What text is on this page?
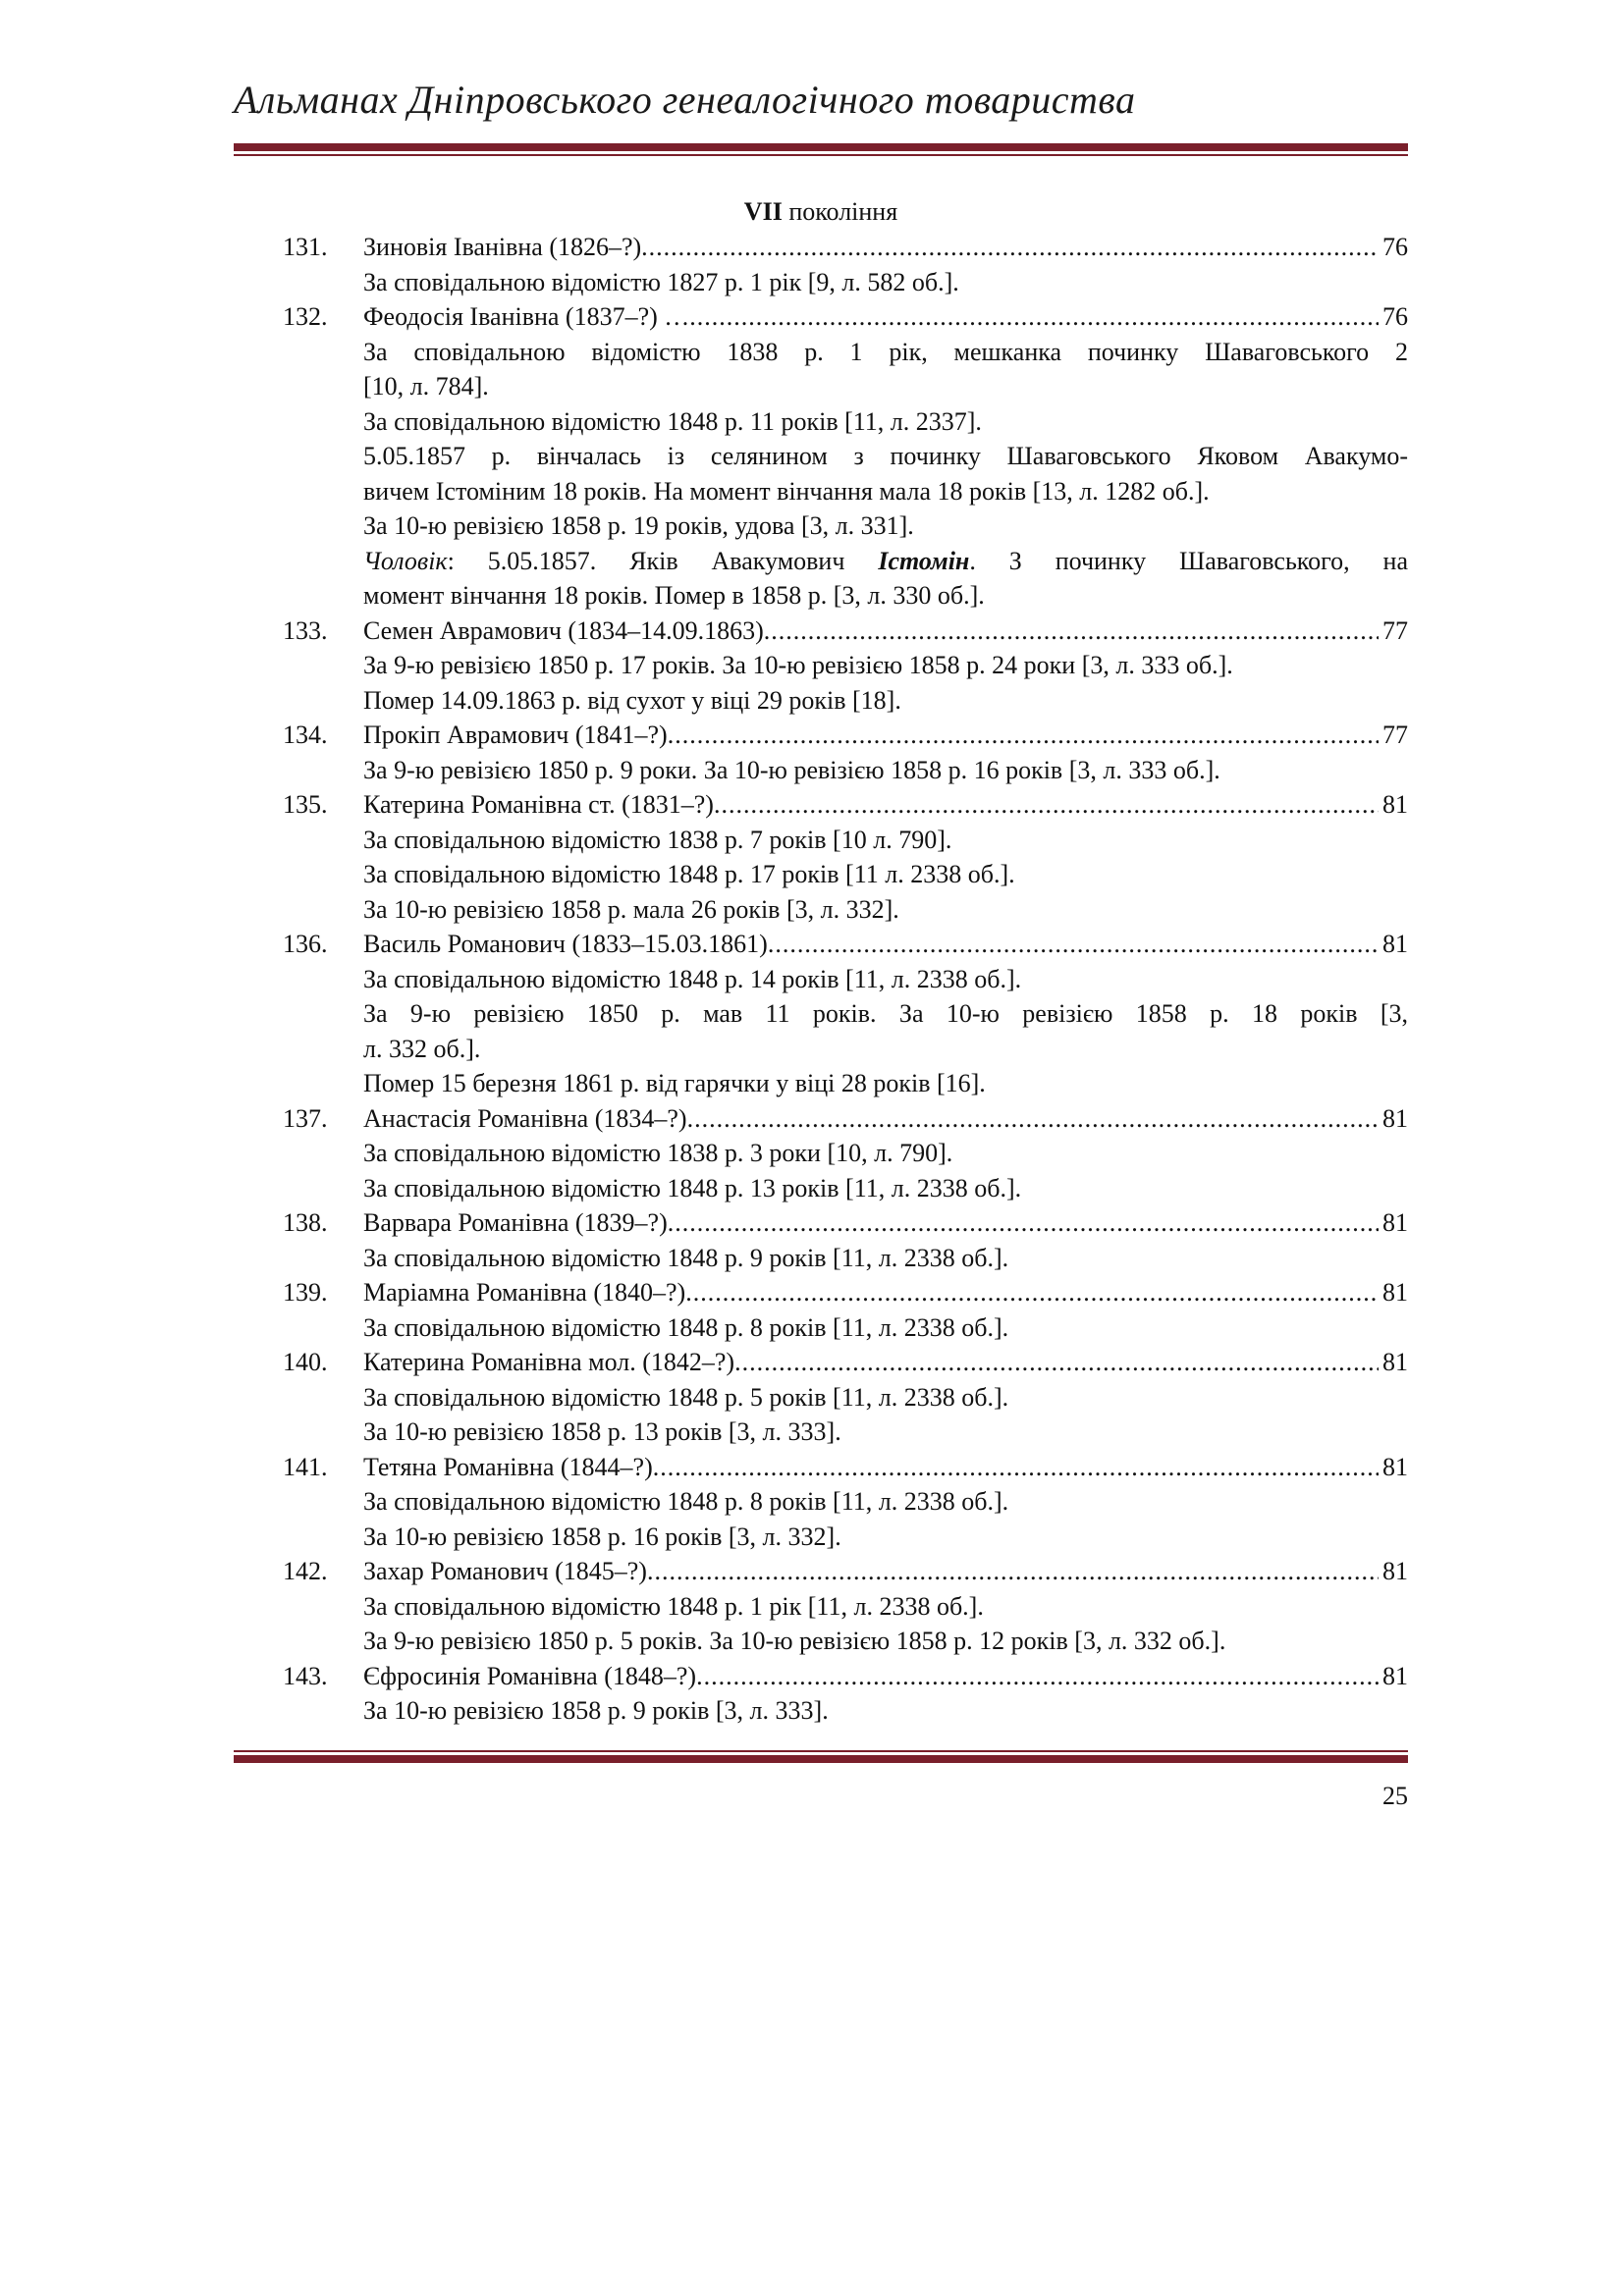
Альманах Дніпровського генеалогічного товариства
VII покоління
131. Зиновія Іванівна (1826–?) .....	76
За сповідальною відомістю 1827 р. 1 рік [9, л. 582 об.].
132. Феодосія Іванівна (1837–?) … .....	76
За сповідальною відомістю 1838 р. 1 рік, мешканка починку Шаваговського 2
[10, л. 784].
За сповідальною відомістю 1848 р. 11 років [11, л. 2337].
5.05.1857 р. вінчалась із селянином з починку Шаваговського Яковом Авакумо-
вичем Істоміним 18 років. На момент вінчання мала 18 років [13, л. 1282 об.].
За 10-ю ревізією 1858 р. 19 років, удова [3, л. 331].
Чоловік: 5.05.1857. Яків Авакумович Істомін. З починку Шаваговського, на
момент вінчання 18 років. Помер в 1858 р. [3, л. 330 об.].
133. Семен Аврамович (1834–14.09.1863) .....	77
За 9-ю ревізією 1850 р. 17 років. За 10-ю ревізією 1858 р. 24 роки [3, л. 333 об.].
Помер 14.09.1863 р. від сухот у віці 29 років [18].
134. Прокіп Аврамович (1841–?) .....	77
За 9-ю ревізією 1850 р. 9 роки. За 10-ю ревізією 1858 р. 16 років [3, л. 333 об.].
135. Катерина Романівна ст. (1831–?) .....	81
За сповідальною відомістю 1838 р. 7 років [10 л. 790].
За сповідальною відомістю 1848 р. 17 років [11 л. 2338 об.].
За 10-ю ревізією 1858 р. мала 26 років [3, л. 332].
136. Василь Романович (1833–15.03.1861) .....	81
За сповідальною відомістю 1848 р. 14 років [11, л. 2338 об.].
За 9-ю ревізією 1850 р. мав 11 років. За 10-ю ревізією 1858 р. 18 років [3,
л. 332 об.].
Помер 15 березня 1861 р. від гарячки у віці 28 років [16].
137. Анастасія Романівна (1834–?) .....	81
За сповідальною відомістю 1838 р. 3 роки [10, л. 790].
За сповідальною відомістю 1848 р. 13 років [11, л. 2338 об.].
138. Варвара Романівна (1839–?) .....	81
За сповідальною відомістю 1848 р. 9 років [11, л. 2338 об.].
139. Маріамна Романівна (1840–?) .....	81
За сповідальною відомістю 1848 р. 8 років [11, л. 2338 об.].
140. Катерина Романівна мол. (1842–?) .....	81
За сповідальною відомістю 1848 р. 5 років [11, л. 2338 об.].
За 10-ю ревізією 1858 р. 13 років [3, л. 333].
141. Тетяна Романівна (1844–?) .....	81
За сповідальною відомістю 1848 р. 8 років [11, л. 2338 об.].
За 10-ю ревізією 1858 р. 16 років [3, л. 332].
142. Захар Романович (1845–?) .....	81
За сповідальною відомістю 1848 р. 1 рік [11, л. 2338 об.].
За 9-ю ревізією 1850 р. 5 років. За 10-ю ревізією 1858 р. 12 років [3, л. 332 об.].
143. Єфросинія Романівна (1848–?) .....	81
За 10-ю ревізією 1858 р. 9 років [3, л. 333].
25
